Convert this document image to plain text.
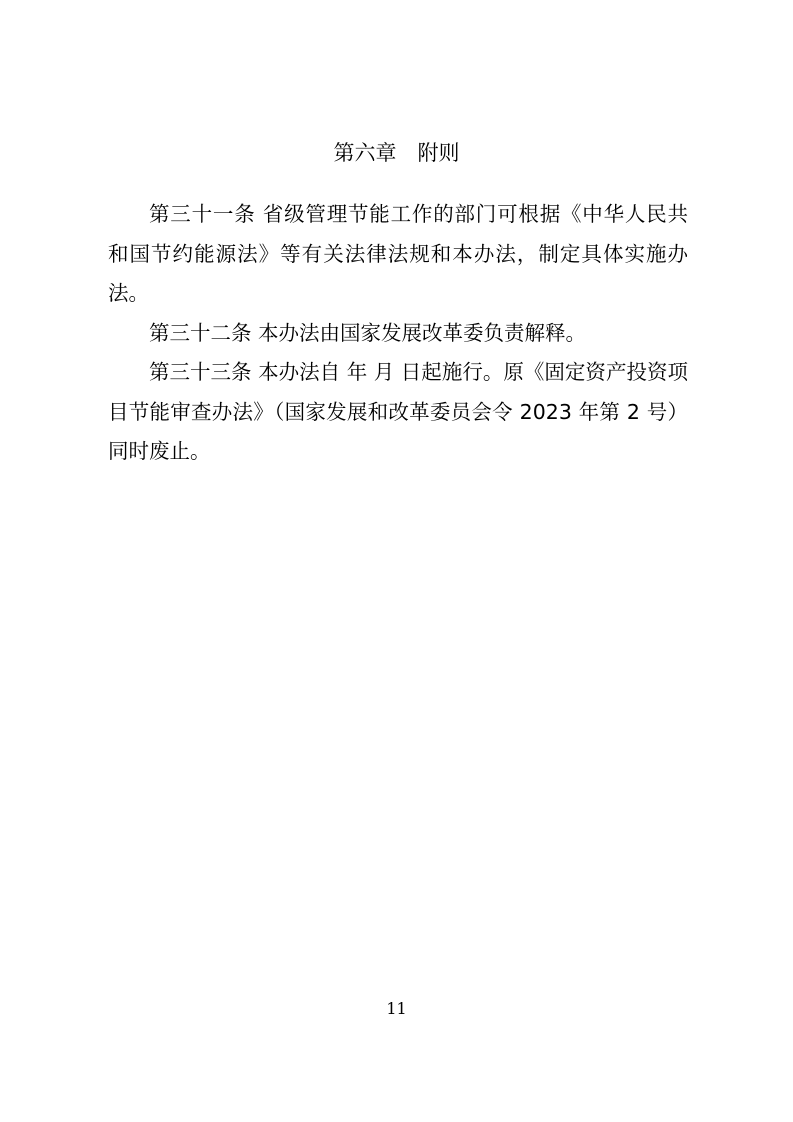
第六章　附则

第三十一条 省级管理节能工作的部门可根据《中华人民共和国节约能源法》等有关法律法规和本办法，制定具体实施办法。

第三十二条 本办法由国家发展改革委负责解释。

第三十三条 本办法自 年 月 日起施行。原《固定资产投资项目节能审查办法》（国家发展和改革委员会令 2023 年第 2 号）同时废止。

11
